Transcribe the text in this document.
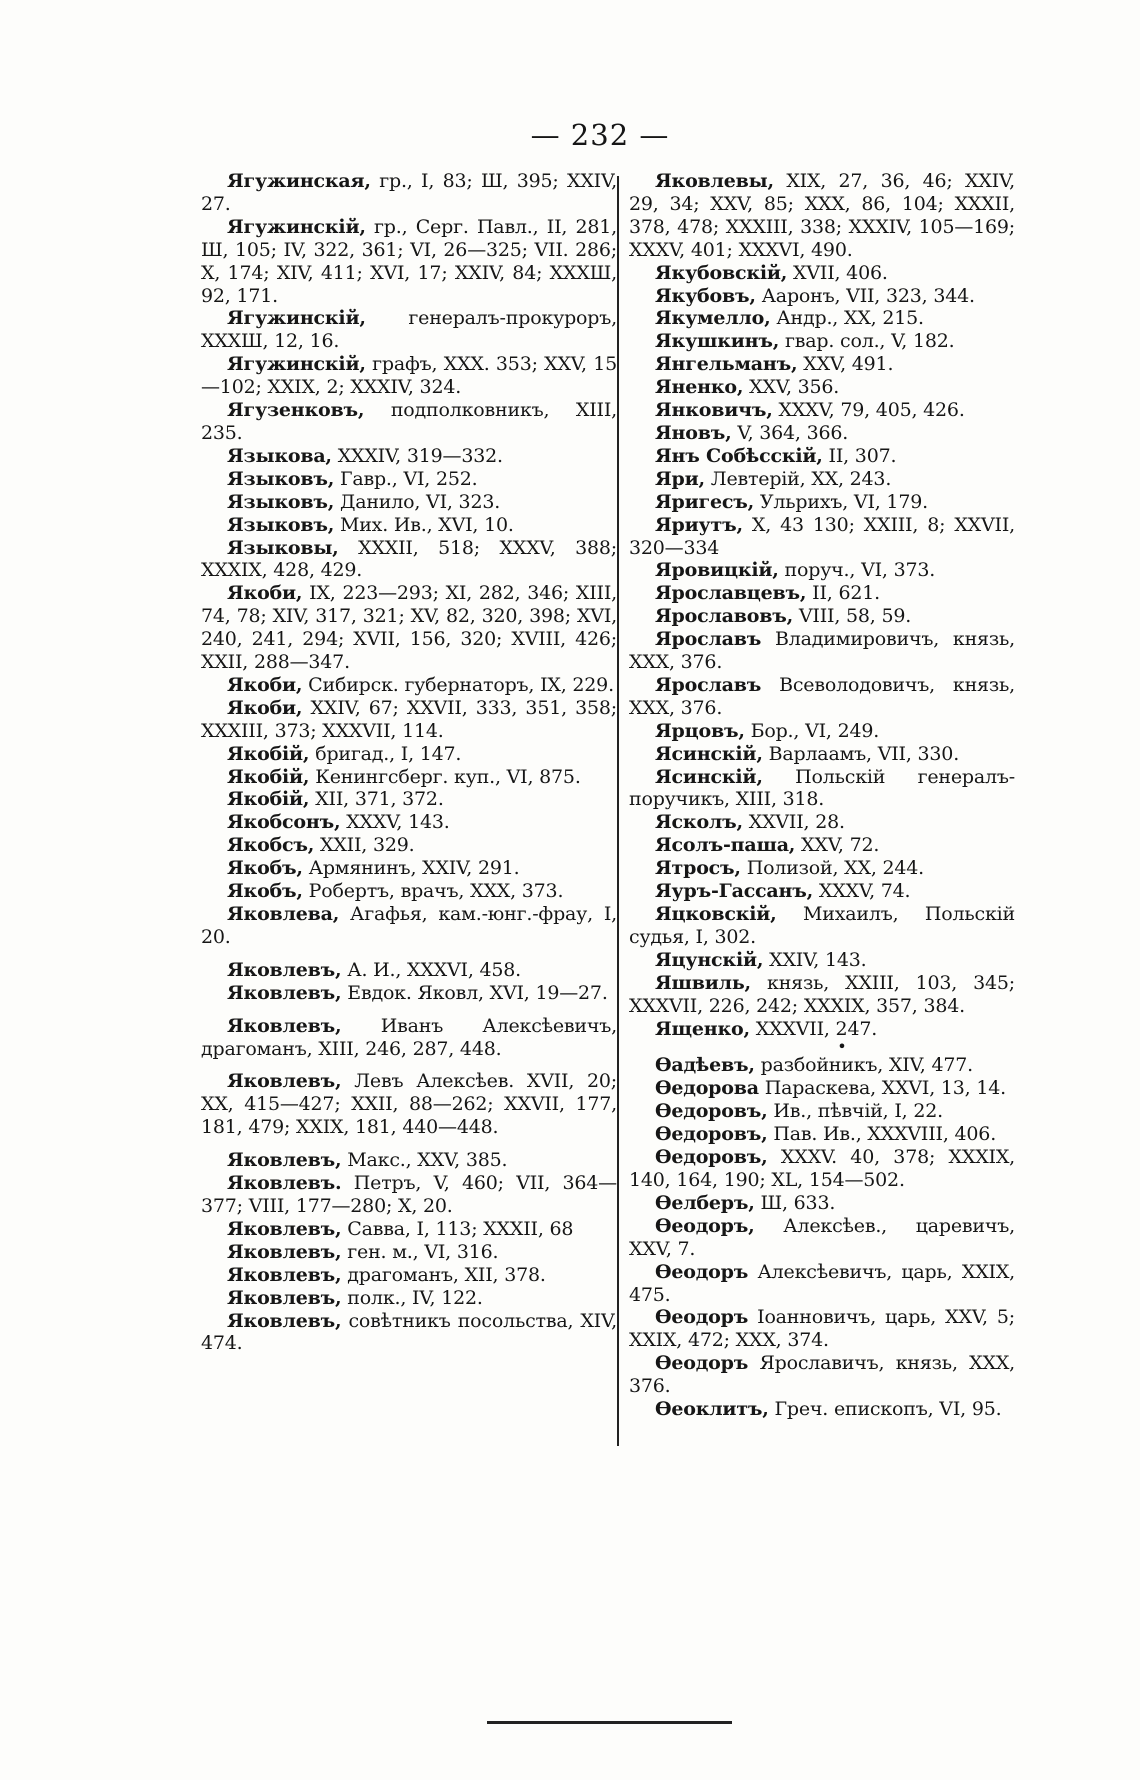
— 232 —

Ягужинская, гр., I, 83; Ш, 395; XXIV, 27.

Ягужинскій, гр., Серг. Павл., II, 281, Ш, 105; IV, 322, 361; VI, 26—325; VII. 286; X, 174; XIV, 411; XVI, 17; XXIV, 84; XXXШ, 92, 171.

Ягужинскій, генералъ-прокуроръ, XXXШ, 12, 16.

Ягужинскій, графъ, XXX. 353; XXV, 15—102; XXIX, 2; XXXIV, 324.

Ягузенковъ, подполковникъ, XIII, 235.

Языкова, XXXIV, 319—332.

Языковъ, Гавр., VI, 252.

Языковъ, Данило, VI, 323.

Языковъ, Мих. Ив., XVI, 10.

Языковы, XXXII, 518; XXXV, 388; XXXIX, 428, 429.

Якоби, IX, 223—293; XI, 282, 346; XIII, 74, 78; XIV, 317, 321; XV, 82, 320, 398; XVI, 240, 241, 294; XVII, 156, 320; XVIII, 426; XXII, 288—347.

Якоби, Сибирск. губернаторъ, IX, 229.

Якоби, XXIV, 67; XXVII, 333, 351, 358; XXXIII, 373; XXXVII, 114.

Якобій, бригад., I, 147.

Якобій, Кенингсберг. куп., VI, 875.

Якобій, XII, 371, 372.

Якобсонъ, XXXV, 143.

Якобсъ, XXII, 329.

Якобъ, Армянинъ, XXIV, 291.

Якобъ, Робертъ, врачъ, XXX, 373.

Яковлева, Агафья, кам.-юнг.-фрау, I, 20.

Яковлевъ, А. И., XXXVI, 458.

Яковлевъ, Евдок. Яковл, XVI, 19—27.

Яковлевъ, Иванъ Алексѣевичъ, драгоманъ, XIII, 246, 287, 448.

Яковлевъ, Левъ Алексѣев. XVII, 20; XX, 415—427; XXII, 88—262; XXVII, 177, 181, 479; XXIX, 181, 440—448.

Яковлевъ, Макс., XXV, 385.

Яковлевъ. Петръ, V, 460; VII, 364—377; VIII, 177—280; X, 20.

Яковлевъ, Савва, I, 113; XXXII, 68

Яковлевъ, ген. м., VI, 316.

Яковлевъ, драгоманъ, XII, 378.

Яковлевъ, полк., IV, 122.

Яковлевъ, совѣтникъ посольства, XIV, 474.

Яковлевы, XIX, 27, 36, 46; XXIV, 29, 34; XXV, 85; XXX, 86, 104; XXXII, 378, 478; XXXIII, 338; XXXIV, 105—169; XXXV, 401; XXXVI, 490.

Якубовскій, XVII, 406.

Якубовъ, Ааронъ, VII, 323, 344.

Якумелло, Андр., XX, 215.

Якушкинъ, гвар. сол., V, 182.

Янгельманъ, XXV, 491.

Яненко, XXV, 356.

Янковичъ, XXXV, 79, 405, 426.

Яновъ, V, 364, 366.

Янъ Собѣсскій, II, 307.

Яри, Левтерій, XX, 243.

Яригесъ, Ульрихъ, VI, 179.

Яриутъ, X, 43 130; XXIII, 8; XXVII, 320—334

Яровицкій, поруч., VI, 373.

Ярославцевъ, II, 621.

Ярославовъ, VIII, 58, 59.

Ярославъ Владимировичъ, князь, XXX, 376.

Ярославъ Всеволодовичъ, князь, XXX, 376.

Ярцовъ, Бор., VI, 249.

Ясинскій, Варлаамъ, VII, 330.

Ясинскій, Польскій генералъ-поручикъ, XIII, 318.

Ясколъ, XXVII, 28.

Ясолъ-паша, XXV, 72.

Ятросъ, Полизой, XX, 244.

Яуръ-Гассанъ, XXXV, 74.

Яцковскій, Михаилъ, Польскій судья, I, 302.

Яцунскій, XXIV, 143.

Яшвиль, князь, XXIII, 103, 345; XXXVII, 226, 242; XXXIX, 357, 384.

Ященко, XXXVII, 247.

•

Ѳадѣевъ, разбойникъ, XIV, 477.

Ѳедорова Параскева, XXVI, 13, 14.

Ѳедоровъ, Ив., пѣвчій, I, 22.

Ѳедоровъ, Пав. Ив., XXXVIII, 406.

Ѳедоровъ, XXXV. 40, 378; XXXIX, 140, 164, 190; XL, 154—502.

Ѳелберъ, Ш, 633.

Ѳеодоръ, Алексѣев., царевичъ, XXV, 7.

Ѳеодоръ Алексѣевичъ, царь, XXIX, 475.

Ѳеодоръ Іоанновичъ, царь, XXV, 5; XXIX, 472; XXX, 374.

Ѳеодоръ Ярославичъ, князь, XXX, 376.

Ѳеоклитъ, Греч. епископъ, VI, 95.
